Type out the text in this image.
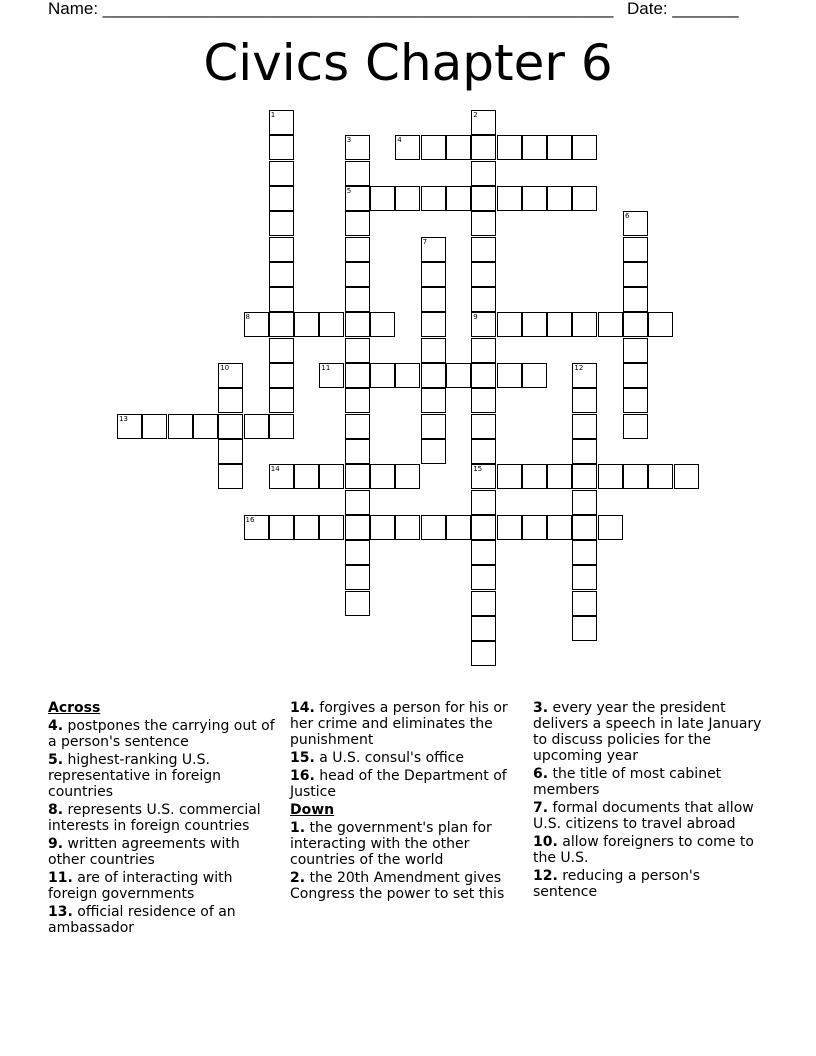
Name: ______________________________________________________ Date: _______
Civics Chapter 6
1	2
3	4
5
6
7
8	9
10	11	12
13
14	15
16
Across
4. postpones the carrying out of a person's sentence
5. highest-ranking U.S. representative in foreign countries
8. represents U.S. commercial interests in foreign countries
9. written agreements with other countries
11. are of interacting with foreign governments
13. official residence of an ambassador
14. forgives a person for his or her crime and eliminates the punishment
15. a U.S. consul's office
16. head of the Department of Justice
Down
1. the government's plan for interacting with the other countries of the world
2. the 20th Amendment gives Congress the power to set this
3. every year the president delivers a speech in late January to discuss policies for the upcoming year
6. the title of most cabinet members
7. formal documents that allow U.S. citizens to travel abroad
10. allow foreigners to come to the U.S.
12. reducing a person's sentence
